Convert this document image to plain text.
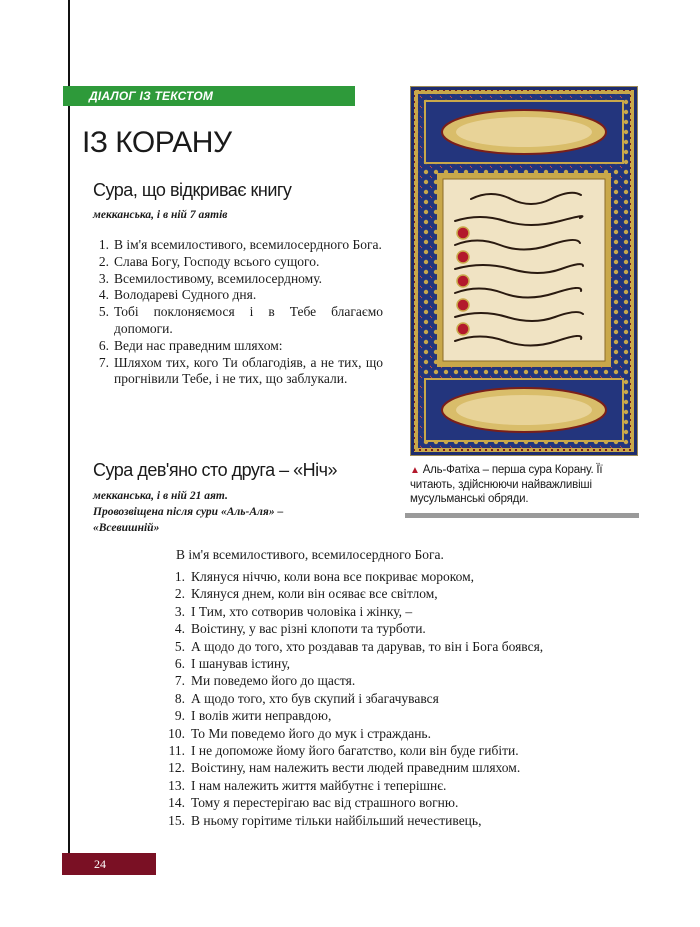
ДІАЛОГ ІЗ ТЕКСТОМ
ІЗ КОРАНУ
Сура, що відкриває книгу
мекканська, і в ній 7 аятів
1. В ім'я всемилостивого, всемилосердного Бога.
2. Слава Богу, Господу всього сущого.
3. Всемилостивому, всемилосердному.
4. Володареві Судного дня.
5. Тобі поклоняємося і в Тебе благаємо допомоги.
6. Веди нас праведним шляхом:
7. Шляхом тих, кого Ти облагодіяв, а не тих, що прогнівили Тебе, і не тих, що заблукали.
Сура дев'яно сто друга – «Ніч»
мекканська, і в ній 21 аят.
Провозвіщена після сури «Аль-Аля» –
«Всевишній»
В ім'я всемилостивого, всемилосердного Бога.
1. Клянуся ніччю, коли вона все покриває мороком,
2. Клянуся днем, коли він осяває все світлом,
3. І Тим, хто сотворив чоловіка і жінку, –
4. Воістину, у вас різні клопоти та турботи.
5. А щодо до того, хто роздавав та дарував, то він і Бога боявся,
6. І шанував істину,
7. Ми поведемо його до щастя.
8. А щодо того, хто був скупий і збагачувався
9. І волів жити неправдою,
10. То Ми поведемо його до мук і страждань.
11. І не допоможе йому його багатство, коли він буде гибіти.
12. Воістину, нам належить вести людей праведним шляхом.
13. І нам належить життя майбутнє і теперішнє.
14. Тому я перестерігаю вас від страшного вогню.
15. В ньому горітиме тільки найбільший нечестивець,
▲ Аль-Фатіха – перша сура Корану. Її читають, здійснюючи найважливіші мусульманські обряди.
24
